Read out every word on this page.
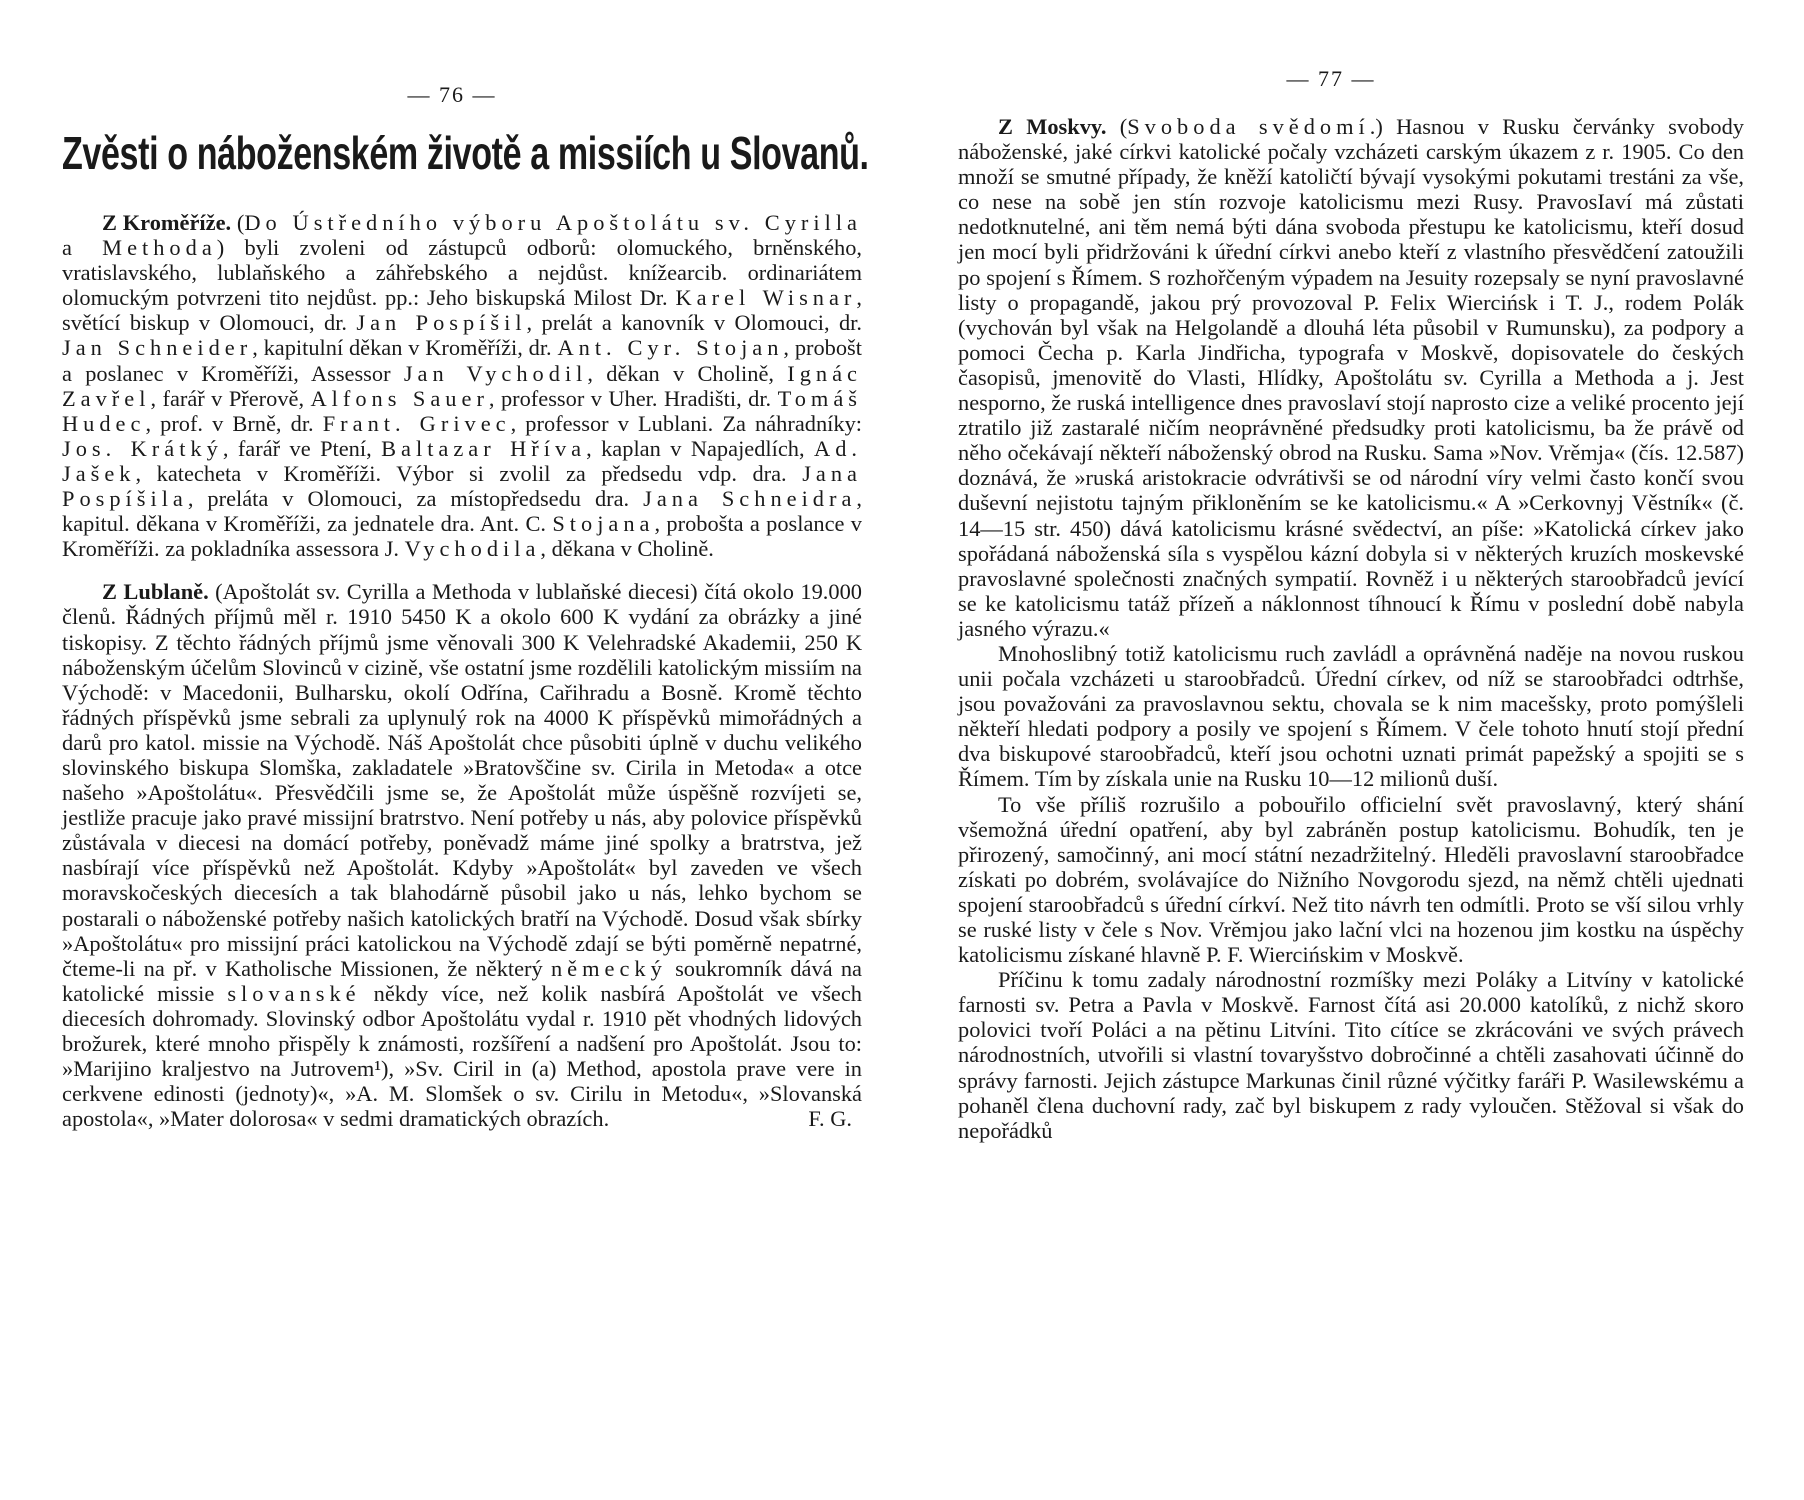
— 76 —
Zvěsti o náboženském životě a missiích u Slovanů.

Z Kroměříže. (Do Ústředního výboru Apoštolátu sv. Cyrilla a Methoda) byli zvoleni od zástupců odborů: olomuckého, brněnského, vratislavského, lublaňského a záhřebského a nejdůst. knížearcib. ordinariátem olomuckým potvrzeni tito nejdůst. pp.: Jeho biskupská Milost Dr. Karel Wisnar, světící biskup v Olomouci, dr. Jan Pospíšil, prelát a kanovník v Olomouci, dr. Jan Schneider, kapitulní děkan v Kroměříži, dr. Ant. Cyr. Stojan, probošt a poslanec v Kroměříži, Assessor Jan Vychodil, děkan v Cholině, Ignác Zavřel, farář v Přerově, Alfons Sauer, professor v Uher. Hradišti, dr. Tomáš Hudec, prof. v Brně, dr. Frant. Grivec, professor v Lublani. Za náhradníky: Jos. Krátký, farář ve Ptení, Baltazar Hříva, kaplan v Napajedlích, Ad. Jašek, katecheta v Kroměříži. Výbor si zvolil za předsedu vdp. dra. Jana Pospíšila, preláta v Olomouci, za místopředsedu dra. Jana Schneidra, kapitul. děkana v Kroměříži, za jednatele dra. Ant. C. Stojana, probošta a poslance v Kroměříži. za pokladníka assessora J. Vychodila, děkana v Cholině.

Z Lublaně. (Apoštolát sv. Cyrilla a Methoda v lublaňské diecesi) čítá okolo 19.000 členů. Řádných příjmů měl r. 1910 5450 K a okolo 600 K vydání za obrázky a jiné tiskopisy. Z těchto řádných příjmů jsme věnovali 300 K Velehradské Akademii, 250 K náboženským účelům Slovinců v cizině, vše ostatní jsme rozdělili katolickým missiím na Východě: v Macedonii, Bulharsku, okolí Odřína, Cařihradu a Bosně. Kromě těchto řádných příspěvků jsme sebrali za uplynulý rok na 4000 K příspěvků mimořádných a darů pro katol. missie na Východě. Náš Apoštolát chce působiti úplně v duchu velikého slovinského biskupa Slomška, zakladatele »Bratovščine sv. Cirila in Metoda« a otce našeho »Apoštolátu«. Přesvědčili jsme se, že Apoštolát může úspěšně rozvíjeti se, jestliže pracuje jako pravé missijní bratrstvo. Není potřeby u nás, aby polovice příspěvků zůstávala v diecesi na domácí potřeby, poněvadž máme jiné spolky a bratrstva, jež nasbírají více příspěvků než Apoštolát. Kdyby »Apoštolát« byl zaveden ve všech moravskočeských diecesích a tak blahodárně působil jako u nás, lehko bychom se postarali o náboženské potřeby našich katolických bratří na Východě. Dosud však sbírky »Apoštolátu« pro missijní práci katolickou na Východě zdají se býti poměrně nepatrné, čteme-li na př. v Katholische Missionen, že některý německý soukromník dává na katolické missie slovanské někdy více, než kolik nasbírá Apoštolát ve všech diecesích dohromady. Slovinský odbor Apoštolátu vydal r. 1910 pět vhodných lidových brožurek, které mnoho přispěly k známosti, rozšíření a nadšení pro Apoštolát. Jsou to: »Marijino kraljestvo na Jutrovem¹), »Sv. Ciril in (a) Method, apostola prave vere in cerkvene edinosti (jednoty)«, »A. M. Slomšek o sv. Cirilu in Metodu«, »Slovanská apostola«, »Mater dolorosa« v sedmi dramatických obrazích.	F. G.

— 77 —

Z Moskvy. (Svoboda svědomí.) Hasnou v Rusku červánky svobody náboženské, jaké církvi katolické počaly vzcházeti carským úkazem z r. 1905. Co den množí se smutné případy, že kněží katoličtí bývají vysokými pokutami trestáni za vše, co nese na sobě jen stín rozvoje katolicismu mezi Rusy. PravosIaví má zůstati nedotknutelné, ani těm nemá býti dána svoboda přestupu ke katolicismu, kteří dosud jen mocí byli přidržováni k úřední církvi anebo kteří z vlastního přesvědčení zatoužili po spojení s Římem. S rozhořčeným výpadem na Jesuity rozepsaly se nyní pravoslavné listy o propagandě, jakou prý provozoval P. Felix Wiercińsk i T. J., rodem Polák (vychován byl však na Helgolandě a dlouhá léta působil v Rumunsku), za podpory a pomoci Čecha p. Karla Jindřicha, typografa v Moskvě, dopisovatele do českých časopisů, jmenovitě do Vlasti, Hlídky, Apoštolátu sv. Cyrilla a Methoda a j. Jest nesporno, že ruská intelligence dnes pravoslaví stojí naprosto cize a veliké procento její ztratilo již zastaralé ničím neoprávněné předsudky proti katolicismu, ba že právě od něho očekávají někteří náboženský obrod na Rusku. Sama »Nov. Vrěmja« (čís. 12.587) doznává, že »ruská aristokracie odvrátivši se od národní víry velmi často končí svou duševní nejistotu tajným přikloněním se ke katolicismu.« A »Cerkovnyj Věstník« (č. 14—15 str. 450) dává katolicismu krásné svědectví, an píše: »Katolická církev jako spořádaná náboženská síla s vyspělou kázní dobyla si v některých kruzích moskevské pravoslavné společnosti značných sympatií. Rovněž i u některých staroobřadců jevící se ke katolicismu tatáž přízeň a náklonnost tíhnoucí k Římu v poslední době nabyla jasného výrazu.«

Mnohoslibný totiž katolicismu ruch zavládl a oprávněná naděje na novou ruskou unii počala vzcházeti u staroobřadců. Úřední církev, od níž se staroobřadci odtrhše, jsou považováni za pravoslavnou sektu, chovala se k nim macešsky, proto pomýšleli někteří hledati podpory a posily ve spojení s Římem. V čele tohoto hnutí stojí přední dva biskupové staroobřadců, kteří jsou ochotni uznati primát papežský a spojiti se s Římem. Tím by získala unie na Rusku 10—12 milionů duší.

To vše příliš rozrušilo a pobouřilo officielní svět pravoslavný, který shání všemožná úřední opatření, aby byl zabráněn postup katolicismu. Bohudík, ten je přirozený, samočinný, ani mocí státní nezadržitelný. Hleděli pravoslavní staroobřadce získati po dobrém, svolávajíce do Nižního Novgorodu sjezd, na němž chtěli ujednati spojení staroobřadců s úřední církví. Než tito návrh ten odmítli. Proto se vší silou vrhly se ruské listy v čele s Nov. Vrěmjou jako lační vlci na hozenou jim kostku na úspěchy katolicismu získané hlavně P. F. Wiercińskim v Moskvě.

Příčinu k tomu zadaly národnostní rozmíšky mezi Poláky a Litvíny v katolické farnosti sv. Petra a Pavla v Moskvě. Farnost čítá asi 20.000 katolíků, z nichž skoro polovici tvoří Poláci a na pětinu Litvíni. Tito cítíce se zkrácováni ve svých právech národnostních, utvořili si vlastní tovaryšstvo dobročinné a chtěli zasahovati účinně do správy farnosti. Jejich zástupce Markunas činil různé výčitky faráři P. Wasilewskému a pohaněl člena duchovní rady, zač byl biskupem z rady vyloučen. Stěžoval si však do nepořádků
